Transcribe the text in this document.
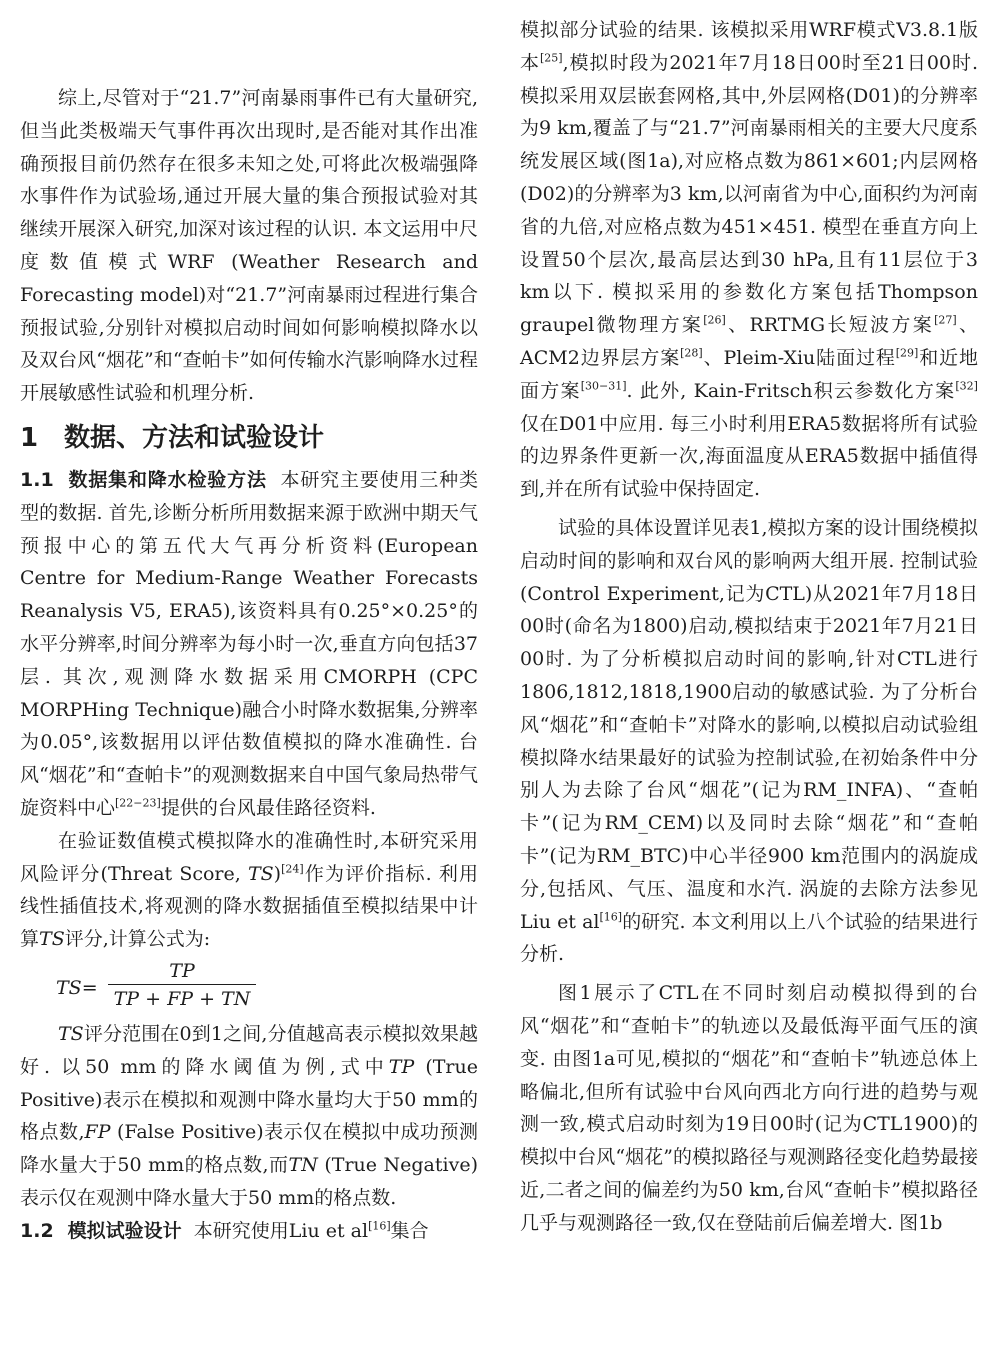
综上,尽管对于“21.7”河南暴雨事件已有大量研究,但当此类极端天气事件再次出现时,是否能对其作出准确预报目前仍然存在很多未知之处,可将此次极端强降水事件作为试验场,通过开展大量的集合预报试验对其继续开展深入研究,加深对该过程的认识. 本文运用中尺度数值模式WRF (Weather Research and Forecasting model)对“21.7”河南暴雨过程进行集合预报试验,分别针对模拟启动时间如何影响模拟降水以及双台风“烟花”和“查帕卡”如何传输水汽影响降水过程开展敏感性试验和机理分析.

1 数据、方法和试验设计

1.1 数据集和降水检验方法 本研究主要使用三种类型的数据. 首先,诊断分析所用数据来源于欧洲中期天气预报中心的第五代大气再分析资料(European Centre for Medium-Range Weather Forecasts Reanalysis V5, ERA5),该资料具有0.25°×0.25°的水平分辨率,时间分辨率为每小时一次,垂直方向包括37层. 其次,观测降水数据采用CMORPH (CPC MORPHing Technique)融合小时降水数据集,分辨率为0.05°,该数据用以评估数值模拟的降水准确性. 台风“烟花”和“查帕卡”的观测数据来自中国气象局热带气旋资料中心[22−23]提供的台风最佳路径资料.

在验证数值模式模拟降水的准确性时,本研究采用风险评分(Threat Score, TS)[24]作为评价指标. 利用线性插值技术,将观测的降水数据插值至模拟结果中计算TS评分,计算公式为:

$TS= \frac{TP}{TP + FP + TN}$

TS评分范围在0到1之间,分值越高表示模拟效果越好. 以50 mm的降水阈值为例,式中TP (True Positive)表示在模拟和观测中降水量均大于50 mm的格点数,FP (False Positive)表示仅在模拟中成功预测降水量大于50 mm的格点数,而TN (True Negative)表示仅在观测中降水量大于50 mm的格点数.

1.2 模拟试验设计 本研究使用Liu et al[16]集合

模拟部分试验的结果. 该模拟采用WRF模式V3.8.1版本[25],模拟时段为2021年7月18日00时至21日00时. 模拟采用双层嵌套网格,其中,外层网格(D01)的分辨率为9 km,覆盖了与“21.7”河南暴雨相关的主要大尺度系统发展区域(图1a),对应格点数为861×601;内层网格(D02)的分辨率为3 km,以河南省为中心,面积约为河南省的九倍,对应格点数为451×451. 模型在垂直方向上设置50个层次,最高层达到30 hPa,且有11层位于3 km以下. 模拟采用的参数化方案包括Thompson graupel微物理方案[26]、RRTMG长短波方案[27]、ACM2边界层方案[28]、Pleim-Xiu陆面过程[29]和近地面方案[30−31]. 此外, Kain-Fritsch积云参数化方案[32]仅在D01中应用. 每三小时利用ERA5数据将所有试验的边界条件更新一次,海面温度从ERA5数据中插值得到,并在所有试验中保持固定.

试验的具体设置详见表1,模拟方案的设计围绕模拟启动时间的影响和双台风的影响两大组开展. 控制试验(Control Experiment,记为CTL)从2021年7月18日00时(命名为1800)启动,模拟结束于2021年7月21日00时. 为了分析模拟启动时间的影响,针对CTL进行1806,1812,1818,1900启动的敏感试验. 为了分析台风“烟花”和“查帕卡”对降水的影响,以模拟启动试验组模拟降水结果最好的试验为控制试验,在初始条件中分别人为去除了台风“烟花”(记为RM_INFA)、“查帕卡”(记为RM_CEM)以及同时去除“烟花”和“查帕卡”(记为RM_BTC)中心半径900 km范围内的涡旋成分,包括风、气压、温度和水汽. 涡旋的去除方法参见Liu et al[16]的研究. 本文利用以上八个试验的结果进行分析.

图1展示了CTL在不同时刻启动模拟得到的台风“烟花”和“查帕卡”的轨迹以及最低海平面气压的演变. 由图1a可见,模拟的“烟花”和“查帕卡”轨迹总体上略偏北,但所有试验中台风向西北方向行进的趋势与观测一致,模式启动时刻为19日00时(记为CTL1900)的模拟中台风“烟花”的模拟路径与观测路径变化趋势最接近,二者之间的偏差约为50 km,台风“查帕卡”模拟路径几乎与观测路径一致,仅在登陆前后偏差增大. 图1b
